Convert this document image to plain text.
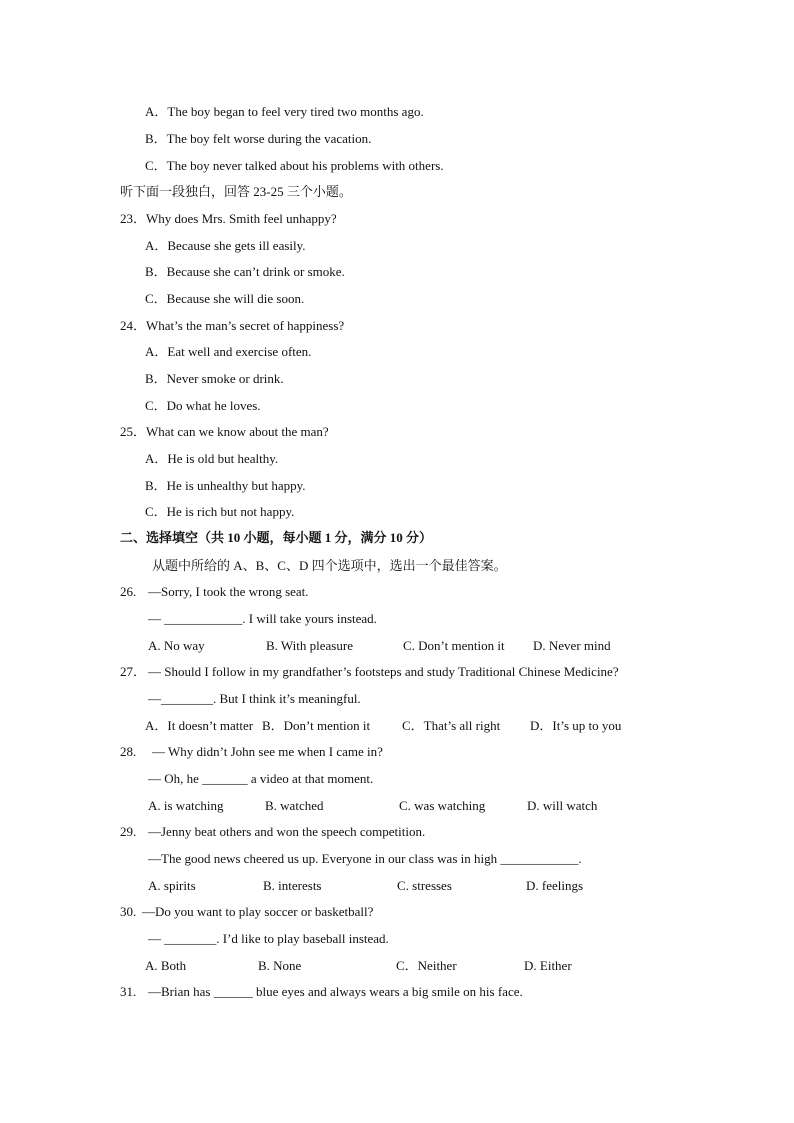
A．The boy began to feel very tired two months ago.
B．The boy felt worse during the vacation.
C．The boy never talked about his problems with others.
听下面一段独白，回答 23-25 三个小题。
23．Why does Mrs. Smith feel unhappy?
A．Because she gets ill easily.
B．Because she can’t drink or smoke.
C．Because she will die soon.
24．What’s the man’s secret of happiness?
A．Eat well and exercise often.
B．Never smoke or drink.
C．Do what he loves.
25．What can we know about the man?
A．He is old but healthy.
B．He is unhealthy but happy.
C．He is rich but not happy.
二、选择填空（共 10 小题，每小题 1 分，满分 10 分）
从题中所给的 A、B、C、D 四个选项中，选出一个最佳答案。
26. —Sorry, I took the wrong seat.
— ____________. I will take yours instead.
A. No way	B. With pleasure	C. Don’t mention it D. Never mind
27． — Should I follow in my grandfather’s footsteps and study Traditional Chinese Medicine?
—________. But I think it’s meaningful.
A．It doesn’t matter B．Don’t mention it C．That’s all right D．It’s up to you
28. — Why didn’t John see me when I came in?
— Oh, he _______ a video at that moment.
A. is watching	B. watched	C. was watching	D. will watch
29. —Jenny beat others and won the speech competition.
—The good news cheered us up. Everyone in our class was in high ____________.
A. spirits	B. interests	C. stresses	D. feelings
30. —Do you want to play soccer or basketball?
— ________. I’d like to play baseball instead.
A. Both	B. None	C．Neither	D. Either
31. —Brian has ______ blue eyes and always wears a big smile on his face.
